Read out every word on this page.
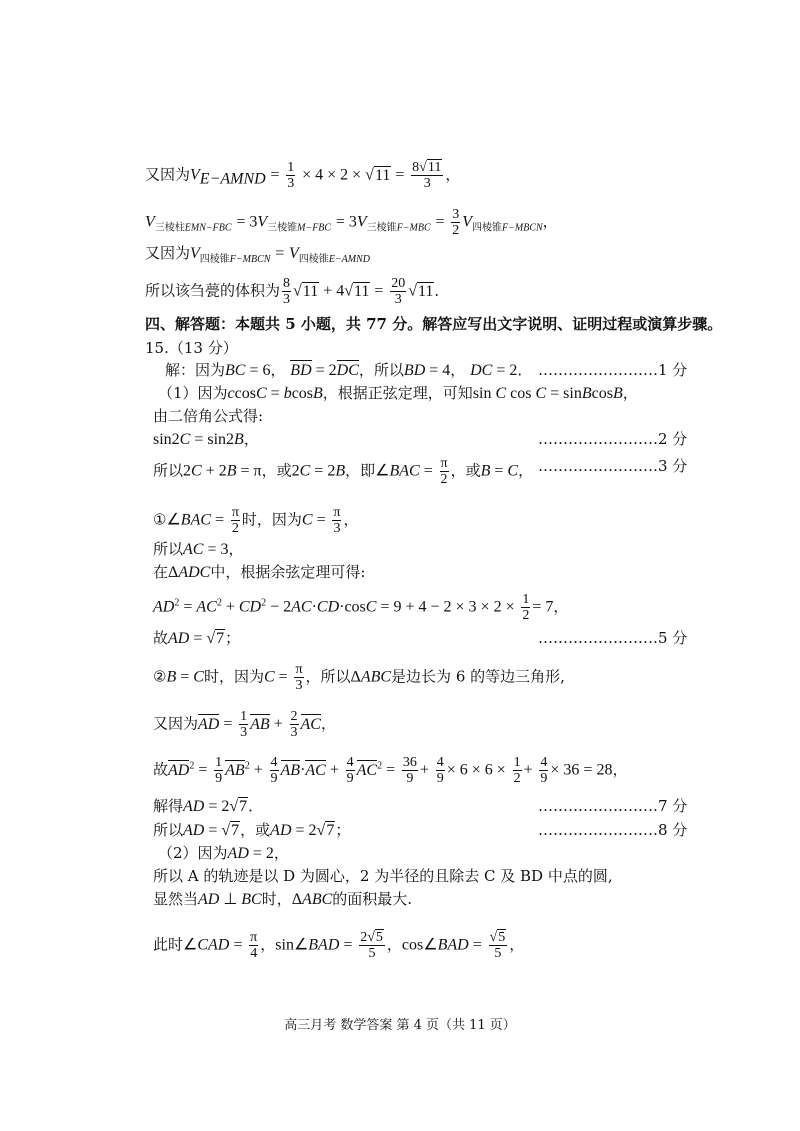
又因为$V_{E-AMND} = \frac{1}{3} \times 4 \times 2 \times √11 = \frac{8√11}{3}$ ，
$V_{三棱柱EMN-FBC} = 3V_{三棱锥M-FBC} = 3V_{三棱锥F-MBC} = \frac{3}{2} V_{四棱锥F-MBCN}$，
又因为$V_{四棱锥F-MBCN} = V_{四棱锥E-AMND}$
所以该刍甍的体积为 $\frac{8}{3} √11 + 4√11 = \frac{20}{3} √11$．
四、解答题：本题共 5 小题，共 77 分。解答应写出文字说明、证明过程或演算步骤。
15.（13 分）
解：因为BC = 6， BD = 2DC，所以BD = 4， DC = 2． ……………………1 分
（1）因为ccosC = bcosB，根据正弦定理，可知sin C cos C = sinBcosB，
由二倍角公式得:
sin2C = sin2B，	……………………2 分
所以2C + 2B = π，或2C = 2B，即∠BAC = $\frac{\pi}{2}$ ，或B = C， ……………………3 分
①∠BAC = $\frac{\pi}{2}$ 时，因为$C = \frac{\pi}{3}$ ，
所以AC = 3，
在ΔADC中，根据余弦定理可得:
$AD^2 = AC^2 + CD^2 - 2AC\cdot CD\cdot\cos C = 9 + 4 - 2 \times 3 \times 2 \times \frac{1}{2} = 7$，
故AD = √7；	……………………5 分
②B = C时，因为$C = \frac{\pi}{3}$ ，所以ΔABC是边长为 6 的等边三角形,
又因为AD = $\frac{1}{3}$ AB + $\frac{2}{3}$ AC，
故$AD^2 = \frac{1}{9} AB^2 + \frac{4}{9} AB\cdot AC + \frac{4}{9} AC^2 = \frac{36}{9} + \frac{4}{9} \times 6 \times 6 \times \frac{1}{2} + \frac{4}{9} \times 36 = 28$，
解得AD = 2√7．	……………………7 分
所以AD = √7，或AD = 2√7；	……………………8 分
（2）因为AD = 2，
所以 A 的轨迹是以 D 为圆心，2 为半径的且除去 C 及 BD 中点的圆,
显然当AD ⊥ BC时，ΔABC的面积最大.
此时∠CAD = $\frac{\pi}{4}$ ，sin∠BAD = $\frac{2√5}{5}$ ，cos∠BAD = $\frac{√5}{5}$ ，
高三月考 数学答案 第 4 页（共 11 页）
